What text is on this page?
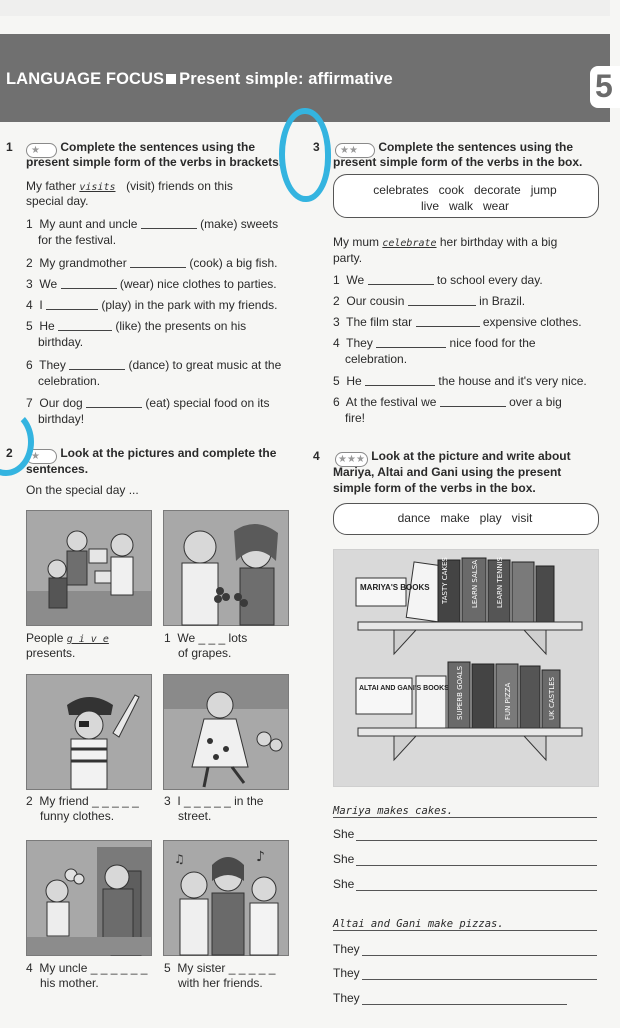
LANGUAGE FOCUS Present simple: affirmative	5
1 ★ Complete the sentences using the
present simple form of the verbs in brackets.
My father visits (visit) friends on this
special day.
1 My aunt and uncle	(make) sweets
for the festival.
2 My grandmother	(cook) a big fish.
3 We	(wear) nice clothes to parties.
4 I	(play) in the park with my friends.
5 He	(like) the presents on his
birthday.
6 They	(dance) to great music at the
celebration.
7 Our dog	(eat) special food on its
birthday!
3 ★★ Complete the sentences using the
present simple form of the verbs in the box.
celebrates   cook   decorate   jump
live   walk   wear
My mum celebrate her birthday with a big
party.
1 We	to school every day.
2 Our cousin	in Brazil.
3 The film star	expensive clothes.
4 They	nice food for the
celebration.
5 He	the house and it's very nice.
6 At the festival we	over a big
fire!
2 ★ Look at the pictures and complete the
sentences.
On the special day ...
People g i v e
presents.
1 We _ _ _ lots
of grapes.
2 My friend _ _ _ _ _
funny clothes.
3 I _ _ _ _ _ in the
street.
♪
♫
4 My uncle _ _ _ _ _ _
his mother.
5 My sister _ _ _ _ _
with her friends.
4 ★★★ Look at the picture and write about
Mariya, Altai and Gani using the present
simple form of the verbs in the box.
dance   make   play   visit
TASTY CAKES	LEARN SALSA LEARN TENNIS
MARIYA'S BOOKS
SUPERB GOALS	FUN PIZZA	UK CASTLES
ALTAI AND GANI'S BOOKS
Mariya makes cakes.
She
She
She
Altai and Gani make pizzas.
They
They
They
